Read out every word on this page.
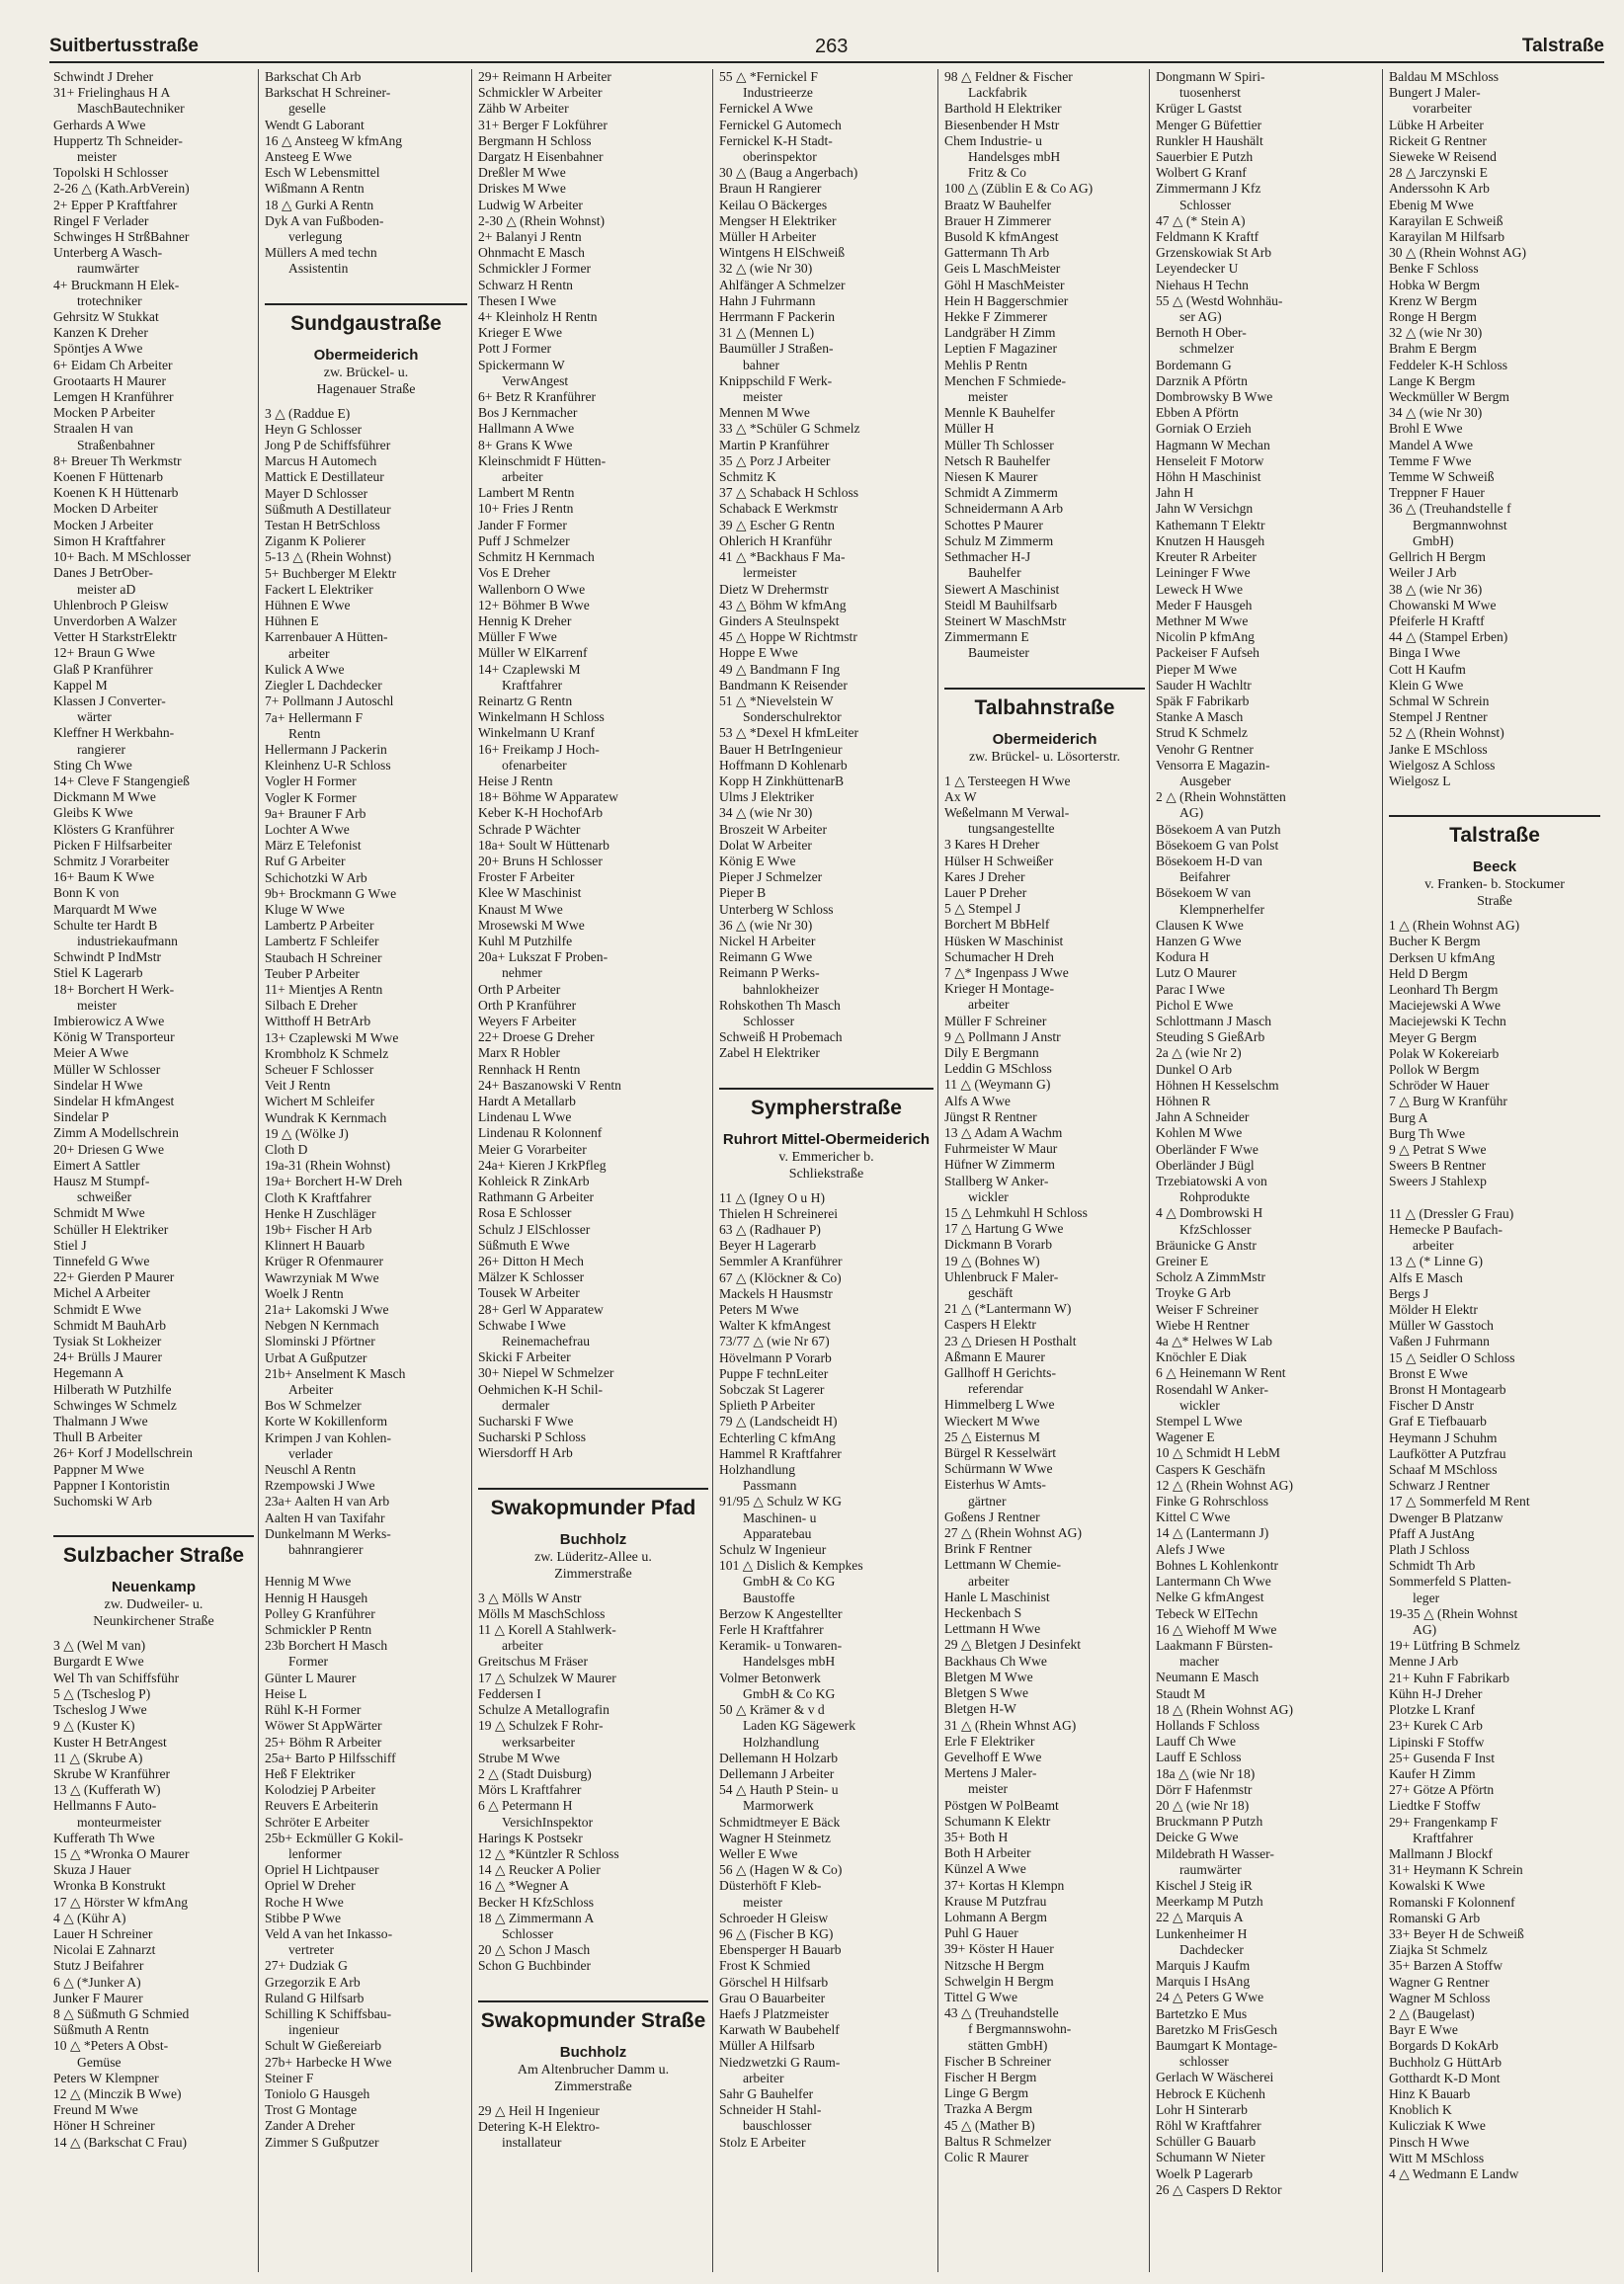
Suitbertusstraße	263	Talstraße
Schwindt J Dreher
31+ Frielinghaus H A
MaschBautechniker
Gerhards A Wwe
Huppertz Th Schneider-
meister
Topolski H Schlosser
2-26 △ (Kath.ArbVerein)
2+ Epper P Kraftfahrer
Ringel F Verlader
Schwinges H StrßBahner
Unterberg A Wasch-
raumwärter
4+ Bruckmann H Elek-
trotechniker
Gehrsitz W Stukkat
Kanzen K Dreher
Spöntjes A Wwe
6+ Eidam Ch Arbeiter
Grootaarts H Maurer
Lemgen H Kranführer
Mocken P Arbeiter
Straalen H van
Straßenbahner
8+ Breuer Th Werkmstr
Koenen F Hüttenarb
Koenen K H Hüttenarb
Mocken D Arbeiter
Mocken J Arbeiter
Simon H Kraftfahrer
10+ Bach. M MSchlosser
Danes J BetrOber-
meister aD
Uhlenbroch P Gleisw
Unverdorben A Walzer
Vetter H StarkstrElektr
12+ Braun G Wwe
Glaß P Kranführer
Kappel M
Klassen J Converter-
wärter
Kleffner H Werkbahn-
rangierer
Sting Ch Wwe
14+ Cleve F Stangengieß
Dickmann M Wwe
Gleibs K Wwe
Klösters G Kranführer
Picken F Hilfsarbeiter
Schmitz J Vorarbeiter
16+ Baum K Wwe
Bonn K von
Marquardt M Wwe
Schulte ter Hardt B
industriekaufmann
Schwindt P IndMstr
Stiel K Lagerarb
18+ Borchert H Werk-
meister
Imbierowicz A Wwe
König W Transporteur
Meier A Wwe
Müller W Schlosser
Sindelar H Wwe
Sindelar H kfmAngest
Sindelar P
Zimm A Modellschrein
20+ Driesen G Wwe
Eimert A Sattler
Hausz M Stumpf-
schweißer
Schmidt M Wwe
Schüller H Elektriker
Stiel J
Tinnefeld G Wwe
22+ Gierden P Maurer
Michel A Arbeiter
Schmidt E Wwe
Schmidt M BauhArb
Tysiak St Lokheizer
24+ Brülls J Maurer
Hegemann A
Hilberath W Putzhilfe
Schwinges W Schmelz
Thalmann J Wwe
Thull B Arbeiter
26+ Korf J Modellschrein
Pappner M Wwe
Pappner I Kontoristin
Suchomski W Arb
Sulzbacher Straße
Neuenkamp
zw. Dudweiler- u.
Neunkirchener Straße
3 △ (Wel M van)
Burgardt E Wwe
Wel Th van Schiffsführ
5 △ (Tscheslog P)
Tscheslog J Wwe
9 △ (Kuster K)
Kuster H BetrAngest
11 △ (Skrube A)
Skrube W Kranführer
13 △ (Kufferath W)
Hellmanns F Auto-
monteurmeister
Kufferath Th Wwe
15 △ *Wronka O Maurer
Skuza J Hauer
Wronka B Konstrukt
17 △ Hörster W kfmAng
4 △ (Kühr A)
Lauer H Schreiner
Nicolai E Zahnarzt
Stutz J Beifahrer
6 △ (*Junker A)
Junker F Maurer
8 △ Süßmuth G Schmied
Süßmuth A Rentn
10 △ *Peters A Obst-
Gemüse
Peters W Klempner
12 △ (Minczik B Wwe)
Freund M Wwe
Höner H Schreiner
14 △ (Barkschat C Frau)
Barkschat Ch Arb
Barkschat H Schreiner-
geselle
Wendt G Laborant
16 △ Ansteeg W kfmAng
Ansteeg E Wwe
Esch W Lebensmittel
Wißmann A Rentn
18 △ Gurki A Rentn
Dyk A van Fußboden-
verlegung
Müllers A med techn
Assistentin
Sundgaustraße
Obermeiderich
zw. Brückel- u.
Hagenauer Straße
3 △ (Raddue E)
Heyn G Schlosser
Jong P de Schiffsführer
Marcus H Automech
Mattick E Destillateur
Mayer D Schlosser
Süßmuth A Destillateur
Testan H BetrSchloss
Ziganm K Polierer
5-13 △ (Rhein Wohnst)
5+ Buchberger M Elektr
Fackert L Elektriker
Hühnen E Wwe
Hühnen E
Karrenbauer A Hütten-
arbeiter
Kulick A Wwe
Ziegler L Dachdecker
7+ Pollmann J Autoschl
7a+ Hellermann F
Rentn
Hellermann J Packerin
Kleinhenz U-R Schloss
Vogler H Former
Vogler K Former
9a+ Brauner F Arb
Lochter A Wwe
März E Telefonist
Ruf G Arbeiter
Schichotzki W Arb
9b+ Brockmann G Wwe
Kluge W Wwe
Lambertz P Arbeiter
Lambertz F Schleifer
Staubach H Schreiner
Teuber P Arbeiter
11+ Mientjes A Rentn
Silbach E Dreher
Witthoff H BetrArb
13+ Czaplewski M Wwe
Krombholz K Schmelz
Scheuer F Schlosser
Veit J Rentn
Wichert M Schleifer
Wundrak K Kernmach
19 △ (Wölke J)
Cloth D
19a-31 (Rhein Wohnst)
19a+ Borchert H-W Dreh
Cloth K Kraftfahrer
Henke H Zuschläger
19b+ Fischer H Arb
Klinnert H Bauarb
Krüger R Ofenmaurer
Wawrzyniak M Wwe
Woelk J Rentn
21a+ Lakomski J Wwe
Nebgen N Kernmach
Slominski J Pförtner
Urbat A Gußputzer
21b+ Anselment K Masch
Arbeiter
Bos W Schmelzer
Korte W Kokillenform
Krimpen J van Kohlen-
verlader
Neuschl A Rentn
Rzempowski J Wwe
23a+ Aalten H van Arb
Aalten H van Taxifahr
Dunkelmann M Werks-
bahnrangierer

Hennig M Wwe
Hennig H Hausgeh
Polley G Kranführer
Schmickler P Rentn
23b Borchert H Masch
Former
Günter L Maurer
Heise L
Rühl K-H Former
Wöwer St AppWärter
25+ Böhm R Arbeiter
25a+ Barto P Hilfsschiff
Heß F Elektriker
Kolodziej P Arbeiter
Reuvers E Arbeiterin
Schröter E Arbeiter
25b+ Eckmüller G Kokil-
lenformer
Opriel H Lichtpauser
Opriel W Dreher
Roche H Wwe
Stibbe P Wwe
Veld A van het Inkasso-
vertreter
27+ Dudziak G
Grzegorzik E Arb
Ruland G Hilfsarb
Schilling K Schiffsbau-
ingenieur
Schult W Gießereiarb
27b+ Harbecke H Wwe
Steiner F
Toniolo G Hausgeh
Trost G Montage
Zander A Dreher
Zimmer S Gußputzer
29+ Reimann H Arbeiter
Schmickler W Arbeiter
Zähb W Arbeiter
31+ Berger F Lokführer
Bergmann H Schloss
Dargatz H Eisenbahner
Dreßler M Wwe
Driskes M Wwe
Ludwig W Arbeiter
2-30 △ (Rhein Wohnst)
2+ Balanyi J Rentn
Ohnmacht E Masch
Schmickler J Former
Schwarz H Rentn
Thesen I Wwe
4+ Kleinholz H Rentn
Krieger E Wwe
Pott J Former
Spickermann W
VerwAngest
6+ Betz R Kranführer
Bos J Kernmacher
Hallmann A Wwe
8+ Grans K Wwe
Kleinschmidt F Hütten-
arbeiter
Lambert M Rentn
10+ Fries J Rentn
Jander F Former
Puff J Schmelzer
Schmitz H Kernmach
Vos E Dreher
Wallenborn O Wwe
12+ Böhmer B Wwe
Hennig K Dreher
Müller F Wwe
Müller W ElKarrenf
14+ Czaplewski M
Kraftfahrer
Reinartz G Rentn
Winkelmann H Schloss
Winkelmann U Kranf
16+ Freikamp J Hoch-
ofenarbeiter
Heise J Rentn
18+ Böhme W Apparatew
Keber K-H HochofArb
Schrade P Wächter
18a+ Soult W Hüttenarb
20+ Bruns H Schlosser
Froster F Arbeiter
Klee W Maschinist
Knaust M Wwe
Mrosewski M Wwe
Kuhl M Putzhilfe
20a+ Lukszat F Proben-
nehmer
Orth P Arbeiter
Orth P Kranführer
Weyers F Arbeiter
22+ Droese G Dreher
Marx R Hobler
Rennhack H Rentn
24+ Baszanowski V Rentn
Hardt A Metallarb
Lindenau L Wwe
Lindenau R Kolonnenf
Meier G Vorarbeiter
24a+ Kieren J KrkPfleg
Kohleick R ZinkArb
Rathmann G Arbeiter
Rosa E Schlosser
Schulz J ElSchlosser
Süßmuth E Wwe
26+ Ditton H Mech
Mälzer K Schlosser
Tousek W Arbeiter
28+ Gerl W Apparatew
Schwabe I Wwe
Reinemachefrau
Skicki F Arbeiter
30+ Niepel W Schmelzer
Oehmichen K-H Schil-
dermaler
Sucharski F Wwe
Sucharski P Schloss
Wiersdorff H Arb
Swakopmunder Pfad
Buchholz
zw. Lüderitz-Allee u.
Zimmerstraße
3 △ Mölls W Anstr
Mölls M MaschSchloss
11 △ Korell A Stahlwerk-
arbeiter
Greitschus M Fräser
17 △ Schulzek W Maurer
Feddersen I
Schulze A Metallografin
19 △ Schulzek F Rohr-
werksarbeiter
Strube M Wwe
2 △ (Stadt Duisburg)
Mörs L Kraftfahrer
6 △ Petermann H
VersichInspektor
Harings K Postsekr
12 △ *Küntzler R Schloss
14 △ Reucker A Polier
16 △ *Wegner A
Becker H KfzSchloss
18 △ Zimmermann A
Schlosser
20 △ Schon J Masch
Schon G Buchbinder
Swakopmunder Straße
Buchholz
Am Altenbrucher Damm u.
Zimmerstraße
29 △ Heil H Ingenieur
Detering K-H Elektro-
installateur
55 △ *Fernickel F
Industrieerze
Fernickel A Wwe
Fernickel G Automech
Fernickel K-H Stadt-
oberinspektor
30 △ (Baug a Angerbach)
Braun H Rangierer
Keilau O Bäckerges
Mengser H Elektriker
Müller H Arbeiter
Wintgens H ElSchweiß
32 △ (wie Nr 30)
Ahlfänger A Schmelzer
Hahn J Fuhrmann
Herrmann F Packerin
31 △ (Mennen L)
Baumüller J Straßen-
bahner
Knippschild F Werk-
meister
Mennen M Wwe
33 △ *Schüler G Schmelz
Martin P Kranführer
35 △ Porz J Arbeiter
Schmitz K
37 △ Schaback H Schloss
Schaback E Werkmstr
39 △ Escher G Rentn
Ohlerich H Kranführ
41 △ *Backhaus F Ma-
lermeister
Dietz W Drehermstr
43 △ Böhm W kfmAng
Ginders A Steulnspekt
45 △ Hoppe W Richtmstr
Hoppe E Wwe
49 △ Bandmann F Ing
Bandmann K Reisender
51 △ *Nievelstein W
Sonderschulrektor
53 △ *Dexel H kfmLeiter
Bauer H BetrIngenieur
Hoffmann D Kohlenarb
Kopp H ZinkhüttenarB
Ulms J Elektriker
34 △ (wie Nr 30)
Broszeit W Arbeiter
Dolat W Arbeiter
König E Wwe
Pieper J Schmelzer
Pieper B
Unterberg W Schloss
36 △ (wie Nr 30)
Nickel H Arbeiter
Reimann G Wwe
Reimann P Werks-
bahnlokheizer
Rohskothen Th Masch
Schlosser
Schweiß H Probemach
Zabel H Elektriker
Sympherstraße
Ruhrort Mittel-Obermeiderich
v. Emmericher b.
Schliekstraße
11 △ (Igney O u H)
Thielen H Schreinerei
63 △ (Radhauer P)
Beyer H Lagerarb
Semmler A Kranführer
67 △ (Klöckner & Co)
Mackels H Hausmstr
Peters M Wwe
Walter K kfmAngest
73/77 △ (wie Nr 67)
Hövelmann P Vorarb
Puppe F technLeiter
Sobczak St Lagerer
Splieth P Arbeiter
79 △ (Landscheidt H)
Echterling C kfmAng
Hammel R Kraftfahrer
Holzhandlung
Passmann
91/95 △ Schulz W KG
Maschinen- u
Apparatebau
Schulz W Ingenieur
101 △ Dislich & Kempkes
GmbH & Co KG
Baustoffe
Berzow K Angestellter
Ferle H Kraftfahrer
Keramik- u Tonwaren-
Handelsges mbH
Volmer Betonwerk
GmbH & Co KG
50 △ Krämer & v d
Laden KG Sägewerk
Holzhandlung
Dellemann H Holzarb
Dellemann J Arbeiter
54 △ Hauth P Stein- u
Marmorwerk
Schmidtmeyer E Bäck
Wagner H Steinmetz
Weller E Wwe
56 △ (Hagen W & Co)
Düsterhöft F Kleb-
meister
Schroeder H Gleisw
96 △ (Fischer B KG)
Ebensperger H Bauarb
Frost K Schmied
Görschel H Hilfsarb
Grau O Bauarbeiter
Haefs J Platzmeister
Karwath W Baubehelf
Müller A Hilfsarb
Niedzwetzki G Raum-
arbeiter
Sahr G Bauhelfer
Schneider H Stahl-
bauschlosser
Stolz E Arbeiter
98 △ Feldner & Fischer
Lackfabrik
Barthold H Elektriker
Biesenbender H Mstr
Chem Industrie- u
Handelsges mbH
Fritz & Co
100 △ (Züblin E & Co AG)
Braatz W Bauhelfer
Brauer H Zimmerer
Busold K kfmAngest
Gattermann Th Arb
Geis L MaschMeister
Göhl H MaschMeister
Hein H Baggerschmier
Hekke F Zimmerer
Landgräber H Zimm
Leptien F Magaziner
Mehlis P Rentn
Menchen F Schmiede-
meister
Mennle K Bauhelfer
Müller H
Müller Th Schlosser
Netsch R Bauhelfer
Niesen K Maurer
Schmidt A Zimmerm
Schneidermann A Arb
Schottes P Maurer
Schulz M Zimmerm
Sethmacher H-J
Bauhelfer
Siewert A Maschinist
Steidl M Bauhilfsarb
Steinert W MaschMstr
Zimmermann E
Baumeister
Talbahnstraße
Obermeiderich
zw. Brückel- u. Lösorterstr.
1 △ Tersteegen H Wwe
Ax W
Weßelmann M Verwal-
tungsangestellte
3 Kares H Dreher
Hülser H Schweißer
Kares J Dreher
Lauer P Dreher
5 △ Stempel J
Borchert M BbHelf
Hüsken W Maschinist
Schumacher H Dreh
7 △* Ingenpass J Wwe
Krieger H Montage-
arbeiter
Müller F Schreiner
9 △ Pollmann J Anstr
Dily E Bergmann
Leddin G MSchloss
11 △ (Weymann G)
Alfs A Wwe
Jüngst R Rentner
13 △ Adam A Wachm
Fuhrmeister W Maur
Hüfner W Zimmerm
Stallberg W Anker-
wickler
15 △ Lehmkuhl H Schloss
17 △ Hartung G Wwe
Dickmann B Vorarb
19 △ (Bohnes W)
Uhlenbruck F Maler-
geschäft
21 △ (*Lantermann W)
Caspers H Elektr
23 △ Driesen H Posthalt
Aßmann E Maurer
Gallhoff H Gerichts-
referendar
Himmelberg L Wwe
Wieckert M Wwe
25 △ Eisternus M
Bürgel R Kesselwärt
Schürmann W Wwe
Eisterhus W Amts-
gärtner
Goßens J Rentner
27 △ (Rhein Wohnst AG)
Brink F Rentner
Lettmann W Chemie-
arbeiter
Hanle L Maschinist
Heckenbach S
Lettmann H Wwe
29 △ Bletgen J Desinfekt
Backhaus Ch Wwe
Bletgen M Wwe
Bletgen S Wwe
Bletgen H-W
31 △ (Rhein Whnst AG)
Erle F Elektriker
Gevelhoff E Wwe
Mertens J Maler-
meister
Pöstgen W PolBeamt
Schumann K Elektr
35+ Both H
Both H Arbeiter
Künzel A Wwe
37+ Kortas H Klempn
Krause M Putzfrau
Lohmann A Bergm
Puhl G Hauer
39+ Köster H Hauer
Nitzsche H Bergm
Schwelgin H Bergm
Tittel G Wwe
43 △ (Treuhandstelle
f Bergmannswohn-
stätten GmbH)
Fischer B Schreiner
Fischer H Bergm
Linge G Bergm
Trazka A Bergm
45 △ (Mather B)
Baltus R Schmelzer
Colic R Maurer
Dongmann W Spiri-
tuosenherst
Krüger L Gastst
Menger G Büfettier
Runkler H Haushält
Sauerbier E Putzh
Wolbert G Kranf
Zimmermann J Kfz
Schlosser
47 △ (* Stein A)
Feldmann K Kraftf
Grzenskowiak St Arb
Leyendecker U
Niehaus H Techn
55 △ (Westd Wohnhäu-
ser AG)
Bernoth H Ober-
schmelzer
Bordemann G
Darznik A Pförtn
Dombrowsky B Wwe
Ebben A Pförtn
Gorniak O Erzieh
Hagmann W Mechan
Henseleit F Motorw
Höhn H Maschinist
Jahn H
Jahn W Versichgn
Kathemann T Elektr
Knutzen H Hausgeh
Kreuter R Arbeiter
Leininger F Wwe
Leweck H Wwe
Meder F Hausgeh
Methner M Wwe
Nicolin P kfmAng
Packeiser F Aufseh
Pieper M Wwe
Sauder H Wachltr
Späk F Fabrikarb
Stanke A Masch
Strud K Schmelz
Venohr G Rentner
Vensorra E Magazin-
Ausgeber
2 △ (Rhein Wohnstätten
AG)
Bösekoem A van Putzh
Bösekoem G van Polst
Bösekoem H-D van
Beifahrer
Bösekoem W van
Klempnerhelfer
Clausen K Wwe
Hanzen G Wwe
Kodura H
Lutz O Maurer
Parac I Wwe
Pichol E Wwe
Schlottmann J Masch
Steuding S GießArb
2a △ (wie Nr 2)
Dunkel O Arb
Höhnen H Kesselschm
Höhnen R
Jahn A Schneider
Kohlen M Wwe
Oberländer F Wwe
Oberländer J Bügl
Trzebiatowski A von
Rohprodukte
4 △ Dombrowski H
KfzSchlosser
Bräunicke G Anstr
Greiner E
Scholz A ZimmMstr
Troyke G Arb
Weiser F Schreiner
Wiebe H Rentner
4a △* Helwes W Lab
Knöchler E Diak
6 △ Heinemann W Rent
Rosendahl W Anker-
wickler
Stempel L Wwe
Wagener E
10 △ Schmidt H LebM
Caspers K Geschäfn
12 △ (Rhein Wohnst AG)
Finke G Rohrschloss
Kittel C Wwe
14 △ (Lantermann J)
Alefs J Wwe
Bohnes L Kohlenkontr
Lantermann Ch Wwe
Nelke G kfmAngest
Tebeck W ElTechn
16 △ Wiehoff M Wwe
Laakmann F Bürsten-
macher
Neumann E Masch
Staudt M
18 △ (Rhein Wohnst AG)
Hollands F Schloss
Lauff Ch Wwe
Lauff E Schloss
18a △ (wie Nr 18)
Dörr F Hafenmstr
20 △ (wie Nr 18)
Bruckmann P Putzh
Deicke G Wwe
Mildebrath H Wasser-
raumwärter
Kischel J Steig iR
Meerkamp M Putzh
22 △ Marquis A
Lunkenheimer H
Dachdecker
Marquis J Kaufm
Marquis I HsAng
24 △ Peters G Wwe
Bartetzko E Mus
Baretzko M FrisGesch
Baumgart K Montage-
schlosser
Gerlach W Wäscherei
Hebrock E Küchenh
Lohr H Sinterarb
Röhl W Kraftfahrer
Schüller G Bauarb
Schumann W Nieter
Woelk P Lagerarb
26 △ Caspers D Rektor
Baldau M MSchloss
Bungert J Maler-
vorarbeiter
Lübke H Arbeiter
Rickeit G Rentner
Sieweke W Reisend
28 △ Jarczynski E
Anderssohn K Arb
Ebenig M Wwe
Karayilan E Schweiß
Karayilan M Hilfsarb
30 △ (Rhein Wohnst AG)
Benke F Schloss
Hobka W Bergm
Krenz W Bergm
Ronge H Bergm
32 △ (wie Nr 30)
Brahm E Bergm
Feddeler K-H Schloss
Lange K Bergm
Weckmüller W Bergm
34 △ (wie Nr 30)
Brohl E Wwe
Mandel A Wwe
Temme F Wwe
Temme W Schweiß
Treppner F Hauer
36 △ (Treuhandstelle f
Bergmannwohnst
GmbH)
Gellrich H Bergm
Weiler J Arb
38 △ (wie Nr 36)
Chowanski M Wwe
Pfeiferle H Kraftf
44 △ (Stampel Erben)
Binga I Wwe
Cott H Kaufm
Klein G Wwe
Schmal W Schrein
Stempel J Rentner
52 △ (Rhein Wohnst)
Janke E MSchloss
Wielgosz A Schloss
Wielgosz L
Talstraße
Beeck
v. Franken- b. Stockumer
Straße
1 △ (Rhein Wohnst AG)
Bucher K Bergm
Derksen U kfmAng
Held D Bergm
Leonhard Th Bergm
Maciejewski A Wwe
Maciejewski K Techn
Meyer G Bergm
Polak W Kokereiarb
Pollok W Bergm
Schröder W Hauer
7 △ Burg W Kranführ
Burg A
Burg Th Wwe
9 △ Petrat S Wwe
Sweers B Rentner
Sweers J Stahlexp

11 △ (Dressler G Frau)
Hemecke P Baufach-
arbeiter
13 △ (* Linne G)
Alfs E Masch
Bergs J
Mölder H Elektr
Müller W Gasstoch
Vaßen J Fuhrmann
15 △ Seidler O Schloss
Bronst E Wwe
Bronst H Montagearb
Fischer D Anstr
Graf E Tiefbauarb
Heymann J Schuhm
Laufkötter A Putzfrau
Schaaf M MSchloss
Schwarz J Rentner
17 △ Sommerfeld M Rent
Dwenger B Platzanw
Pfaff A JustAng
Plath J Schloss
Schmidt Th Arb
Sommerfeld S Platten-
leger
19-35 △ (Rhein Wohnst
AG)
19+ Lütfring B Schmelz
Menne J Arb
21+ Kuhn F Fabrikarb
Kühn H-J Dreher
Plotzke L Kranf
23+ Kurek C Arb
Lipinski F Stoffw
25+ Gusenda F Inst
Kaufer H Zimm
27+ Götze A Pförtn
Liedtke F Stoffw
29+ Frangenkamp F
Kraftfahrer
Mallmann J Blockf
31+ Heymann K Schrein
Kowalski K Wwe
Romanski F Kolonnenf
Romanski G Arb
33+ Beyer H de Schweiß
Ziajka St Schmelz
35+ Barzen A Stoffw
Wagner G Rentner
Wagner M Schloss
2 △ (Baugelast)
Bayr E Wwe
Borgards D KokArb
Buchholz G HüttArb
Gotthardt K-D Mont
Hinz K Bauarb
Knoblich K
Kulicziak K Wwe
Pinsch H Wwe
Witt M MSchloss
4 △ Wedmann E Landw
